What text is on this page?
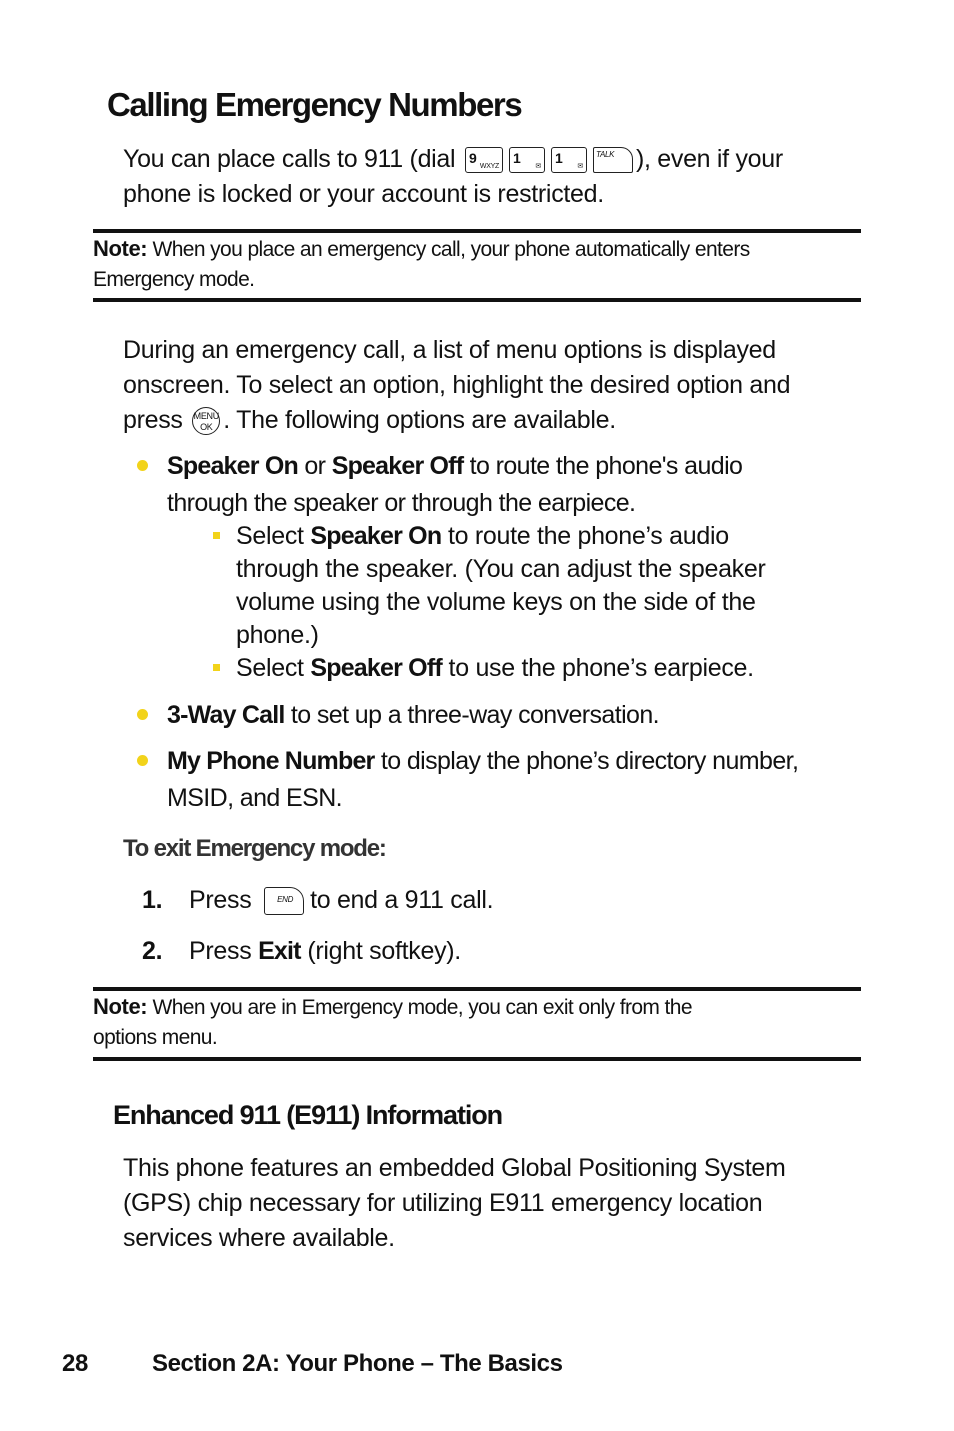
Calling Emergency Numbers
You can place calls to 911 (dial 9
WXYZ
1
✉
1
✉
TALK ), even if your
phone is locked or your account is restricted.
Note: When you place an emergency call, your phone automatically enters
Emergency mode.
During an emergency call, a list of menu options is displayed
onscreen. To select an option, highlight the desired option and
press MENU
OK . The following options are available.
Speaker On or Speaker Off to route the phone's audio
through the speaker or through the earpiece.
Select Speaker On to route the phone’s audio
through the speaker. (You can adjust the speaker
volume using the volume keys on the side of the
phone.)
Select Speaker Off to use the phone’s earpiece.
3-Way Call to set up a three-way conversation.
My Phone Number to display the phone’s directory number,
MSID, and ESN.
To exit Emergency mode:
1. Press	END to end a 911 call.
2. Press Exit (right softkey).
Note: When you are in Emergency mode, you can exit only from the
options menu.
Enhanced 911 (E911) Information
This phone features an embedded Global Positioning System
(GPS) chip necessary for utilizing E911 emergency location
services where available.
28	Section 2A: Your Phone – The Basics
